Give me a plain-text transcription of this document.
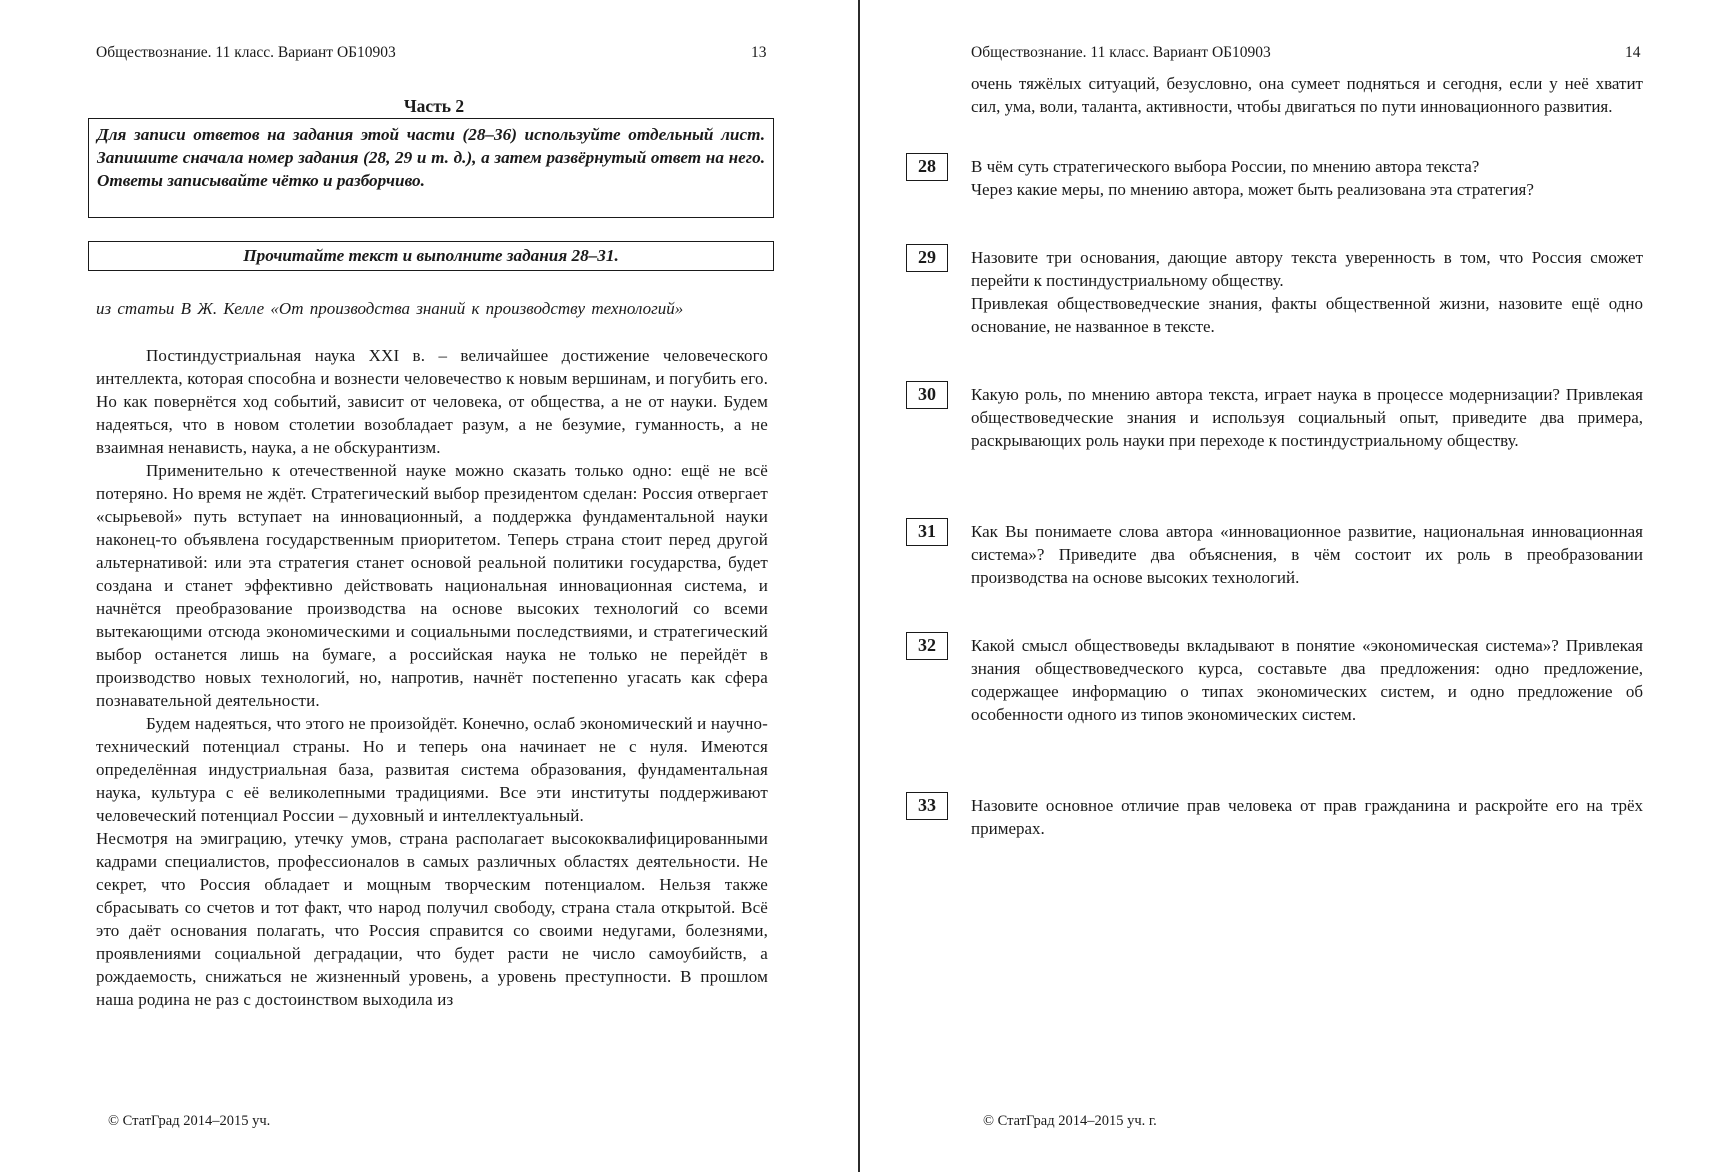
Обществознание. 11 класс. Вариант ОБ10903	13
Часть 2
Для записи ответов на задания этой части (28–36) используйте отдельный лист. Запишите сначала номер задания (28, 29 и т. д.), а затем развёрнутый ответ на него. Ответы записывайте чётко и разборчиво.
Прочитайте текст и выполните задания 28–31.
из статьи В Ж. Келле «От производства знаний к производству технологий»

Постиндустриальная наука XXI в. – величайшее достижение человеческого интеллекта, которая способна и вознести человечество к новым вершинам, и погубить его. Но как повернётся ход событий, зависит от человека, от общества, а не от науки. Будем надеяться, что в новом столетии возобладает разум, а не безумие, гуманность, а не взаимная ненависть, наука, а не обскурантизм.

Применительно к отечественной науке можно сказать только одно: ещё не всё потеряно. Но время не ждёт. Стратегический выбор президентом сделан: Россия отвергает «сырьевой» путь вступает на инновационный, а поддержка фундаментальной науки наконец-то объявлена государственным приоритетом. Теперь страна стоит перед другой альтернативой: или эта стратегия станет основой реальной политики государства, будет создана и станет эффективно действовать национальная инновационная система, и начнётся преобразование производства на основе высоких технологий со всеми вытекающими отсюда экономическими и социальными последствиями, и стратегический выбор останется лишь на бумаге, а российская наука не только не перейдёт в производство новых технологий, но, напротив, начнёт постепенно угасать как сфера познавательной деятельности.

Будем надеяться, что этого не произойдёт. Конечно, ослаб экономический и научно-технический потенциал страны. Но и теперь она начинает не с нуля. Имеются определённая индустриальная база, развитая система образования, фундаментальная наука, культура с её великолепными традициями. Все эти институты поддерживают человеческий потенциал России – духовный и интеллектуальный.

Несмотря на эмиграцию, утечку умов, страна располагает высококвалифицированными кадрами специалистов, профессионалов в самых различных областях деятельности. Не секрет, что Россия обладает и мощным творческим потенциалом. Нельзя также сбрасывать со счетов и тот факт, что народ получил свободу, страна стала открытой. Всё это даёт основания полагать, что Россия справится со своими недугами, болезнями, проявлениями социальной деградации, что будет расти не число самоубийств, а рождаемость, снижаться не жизненный уровень, а уровень преступности. В прошлом наша родина не раз с достоинством выходила из

© СтатГрад 2014–2015 уч.
Обществознание. 11 класс. Вариант ОБ10903	14
очень тяжёлых ситуаций, безусловно, она сумеет подняться и сегодня, если у неё хватит сил, ума, воли, таланта, активности, чтобы двигаться по пути инновационного развития.
28	В чём суть стратегического выбора России, по мнению автора текста?
Через какие меры, по мнению автора, может быть реализована эта стратегия?
29	Назовите три основания, дающие автору текста уверенность в том, что Россия сможет перейти к постиндустриальному обществу.
Привлекая обществоведческие знания, факты общественной жизни, назовите ещё одно основание, не названное в тексте.
30	Какую роль, по мнению автора текста, играет наука в процессе модернизации? Привлекая обществоведческие знания и используя социальный опыт, приведите два примера, раскрывающих роль науки при переходе к постиндустриальному обществу.
31	Как Вы понимаете слова автора «инновационное развитие, национальная инновационная система»? Приведите два объяснения, в чём состоит их роль в преобразовании производства на основе высоких технологий.
32	Какой смысл обществоведы вкладывают в понятие «экономическая система»? Привлекая знания обществоведческого курса, составьте два предложения: одно предложение, содержащее информацию о типах экономических систем, и одно предложение об особенности одного из типов экономических систем.
33	Назовите основное отличие прав человека от прав гражданина и раскройте его на трёх примерах.
© СтатГрад 2014–2015 уч. г.
